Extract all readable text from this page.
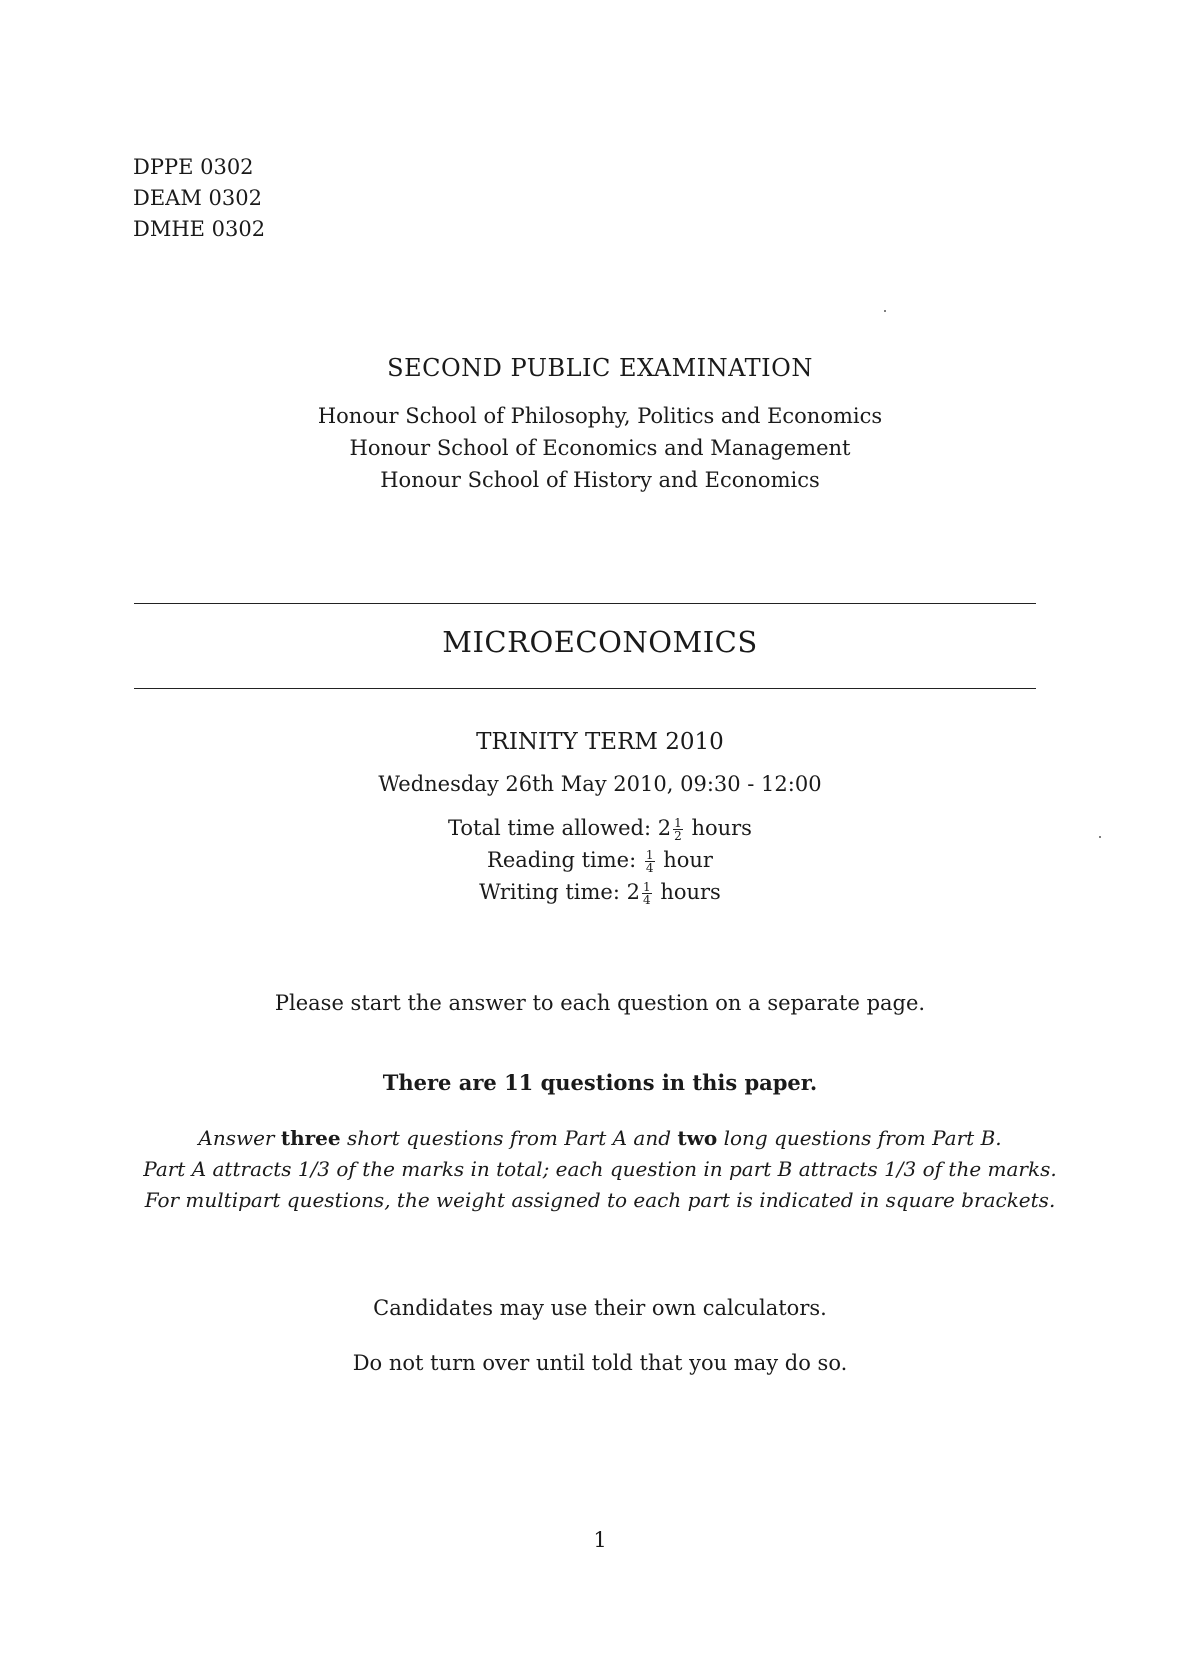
DPPE 0302
DEAM 0302
DMHE 0302
SECOND PUBLIC EXAMINATION
Honour School of Philosophy, Politics and Economics
Honour School of Economics and Management
Honour School of History and Economics
MICROECONOMICS
TRINITY TERM 2010
Wednesday 26th May 2010, 09:30 - 12:00
Total time allowed: $2 \frac{1}{2}$ hours
Reading time: $\frac{1}{4}$ hour
Writing time: $2 \frac{1}{4}$ hours
Please start the answer to each question on a separate page.
There are 11 questions in this paper.
Answer three short questions from Part A and two long questions from Part B.
Part A attracts 1/3 of the marks in total; each question in part B attracts 1/3 of the marks.
For multipart questions, the weight assigned to each part is indicated in square brackets.
Candidates may use their own calculators.
Do not turn over until told that you may do so.
1
